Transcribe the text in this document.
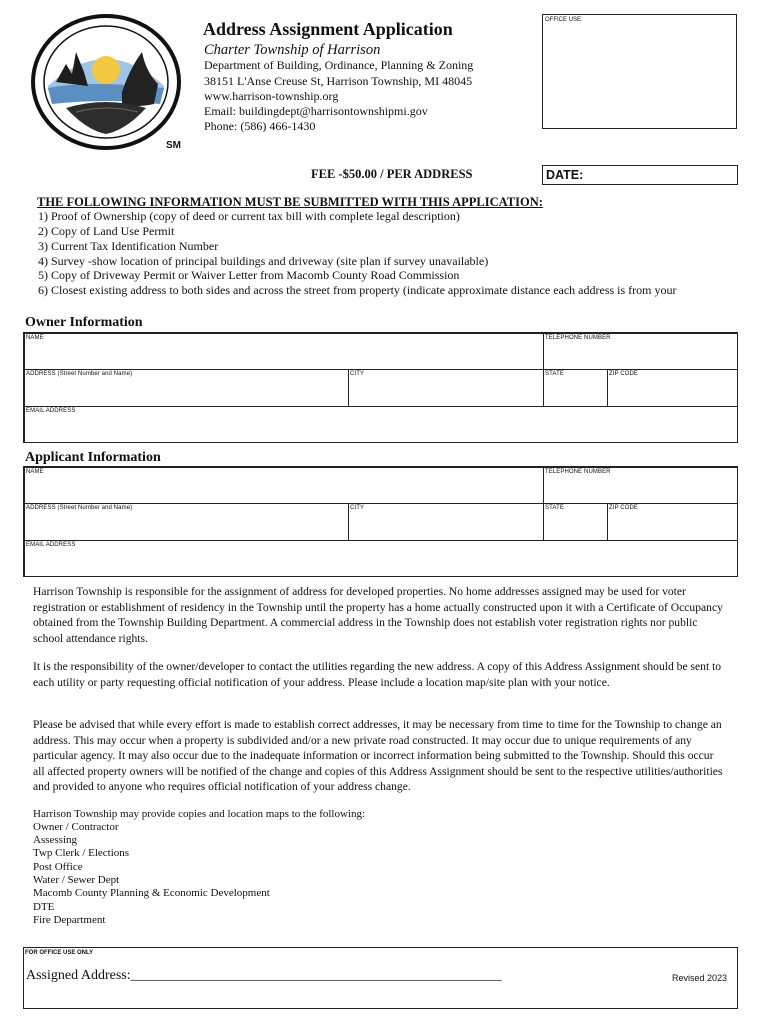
SM
Address Assignment Application
Charter Township of Harrison
Department of Building, Ordinance, Planning & Zoning
38151 L'Anse Creuse St, Harrison Township, MI 48045
www.harrison-township.org
Email: buildingdept@harrisontownshipmi.gov
Phone: (586) 466-1430
OFFICE USE:
FEE -$50.00 / PER ADDRESS	DATE:
THE FOLLOWING INFORMATION MUST BE SUBMITTED WITH THIS APPLICATION:
1) Proof of Ownership (copy of deed or current tax bill with complete legal description)
2) Copy of Land Use Permit
3) Current Tax Identification Number
4) Survey -show location of principal buildings and driveway (site plan if survey unavailable)
5) Copy of Driveway Permit or Waiver Letter from Macomb County Road Commission
6) Closest existing address to both sides and across the street from property (indicate approximate distance each address is from your
Owner Information
NAME	TELEPHONE NUMBER
ADDRESS (Street Number and Name)	CITY	STATE	ZIP CODE
EMAIL ADDRESS
Applicant Information
NAME	TELEPHONE NUMBER
ADDRESS (Street Number and Name)	CITY	STATE	ZIP CODE
EMAIL ADDRESS
Harrison Township is responsible for the assignment of address for developed properties. No home addresses assigned may be used for voter registration or establishment of residency in the Township until the property has a home actually constructed upon it with a Certificate of Occupancy obtained from the Township Building Department. A commercial address in the Township does not establish voter registration rights nor public school attendance rights.
It is the responsibility of the owner/developer to contact the utilities regarding the new address. A copy of this Address Assignment should be sent to each utility or party requesting official notification of your address. Please include a location map/site plan with your notice.
Please be advised that while every effort is made to establish correct addresses, it may be necessary from time to time for the Township to change an address. This may occur when a property is subdivided and/or a new private road constructed. It may occur due to unique requirements of any particular agency. It may also occur due to the inadequate information or incorrect information being submitted to the Township. Should this occur all affected property owners will be notified of the change and copies of this Address Assignment should be sent to the respective utilities/authorities and provided to anyone who requires official notification of your address change.
Harrison Township may provide copies and location maps to the following:
Owner / Contractor
Assessing
Twp Clerk / Elections
Post Office
Water / Sewer Dept
Macomb County Planning & Economic Development
DTE
Fire Department
FOR OFFICE USE ONLY
Assigned Address:_____________________________________________________	Revised 2023
